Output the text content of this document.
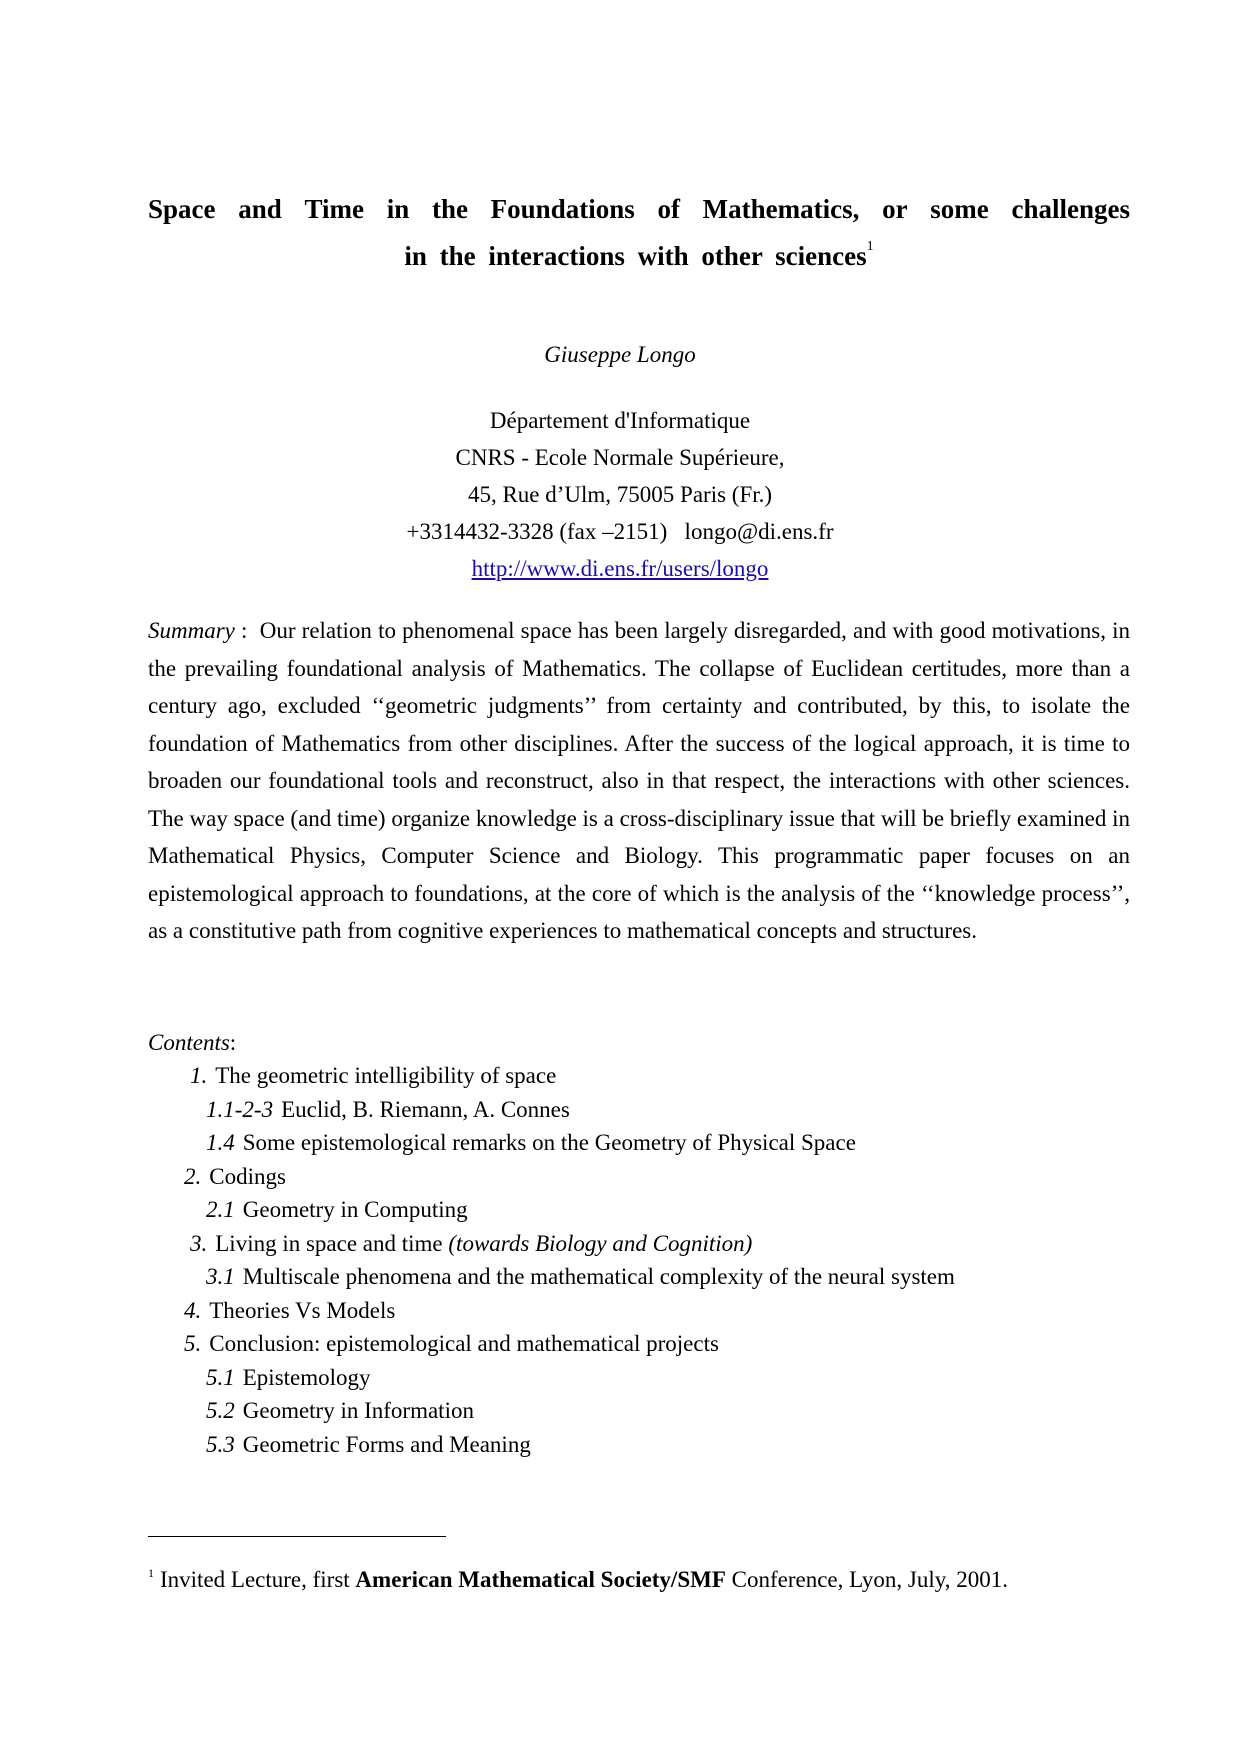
Space and Time in the Foundations of Mathematics, or some challenges
in the interactions with other sciences$^1$
Giuseppe Longo
Département d'Informatique
CNRS - Ecole Normale Supérieure,
45, Rue d’Ulm, 75005 Paris (Fr.)
+3314432-3328 (fax –2151)   longo@di.ens.fr
http://www.di.ens.fr/users/longo

Summary :  Our relation to phenomenal space has been largely disregarded, and with good motivations, in the prevailing foundational analysis of Mathematics. The collapse of Euclidean certitudes, more than a century ago, excluded ‘‘geometric judgments’’ from certainty and contributed, by this, to isolate the foundation of Mathematics from other disciplines. After the success of the logical approach, it is time to broaden our foundational tools and reconstruct, also in that respect, the interactions with other sciences. The way space (and time) organize knowledge is a cross-disciplinary issue that will be briefly examined in Mathematical Physics, Computer Science and Biology. This programmatic paper focuses on an epistemological approach to foundations, at the core of which is the analysis of the ‘‘knowledge process’’, as a constitutive path from cognitive experiences to mathematical concepts and structures.

Contents:
1. The geometric intelligibility of space
1.1-2-3 Euclid, B. Riemann, A. Connes
1.4 Some epistemological remarks on the Geometry of Physical Space
2. Codings
2.1 Geometry in Computing
3. Living in space and time (towards Biology and Cognition)
3.1 Multiscale phenomena and the mathematical complexity of the neural system
4. Theories Vs Models
5. Conclusion: epistemological and mathematical projects
5.1 Epistemology
5.2 Geometry in Information
5.3 Geometric Forms and Meaning
$^1$ Invited Lecture, first American Mathematical Society/SMF Conference, Lyon, July, 2001.
